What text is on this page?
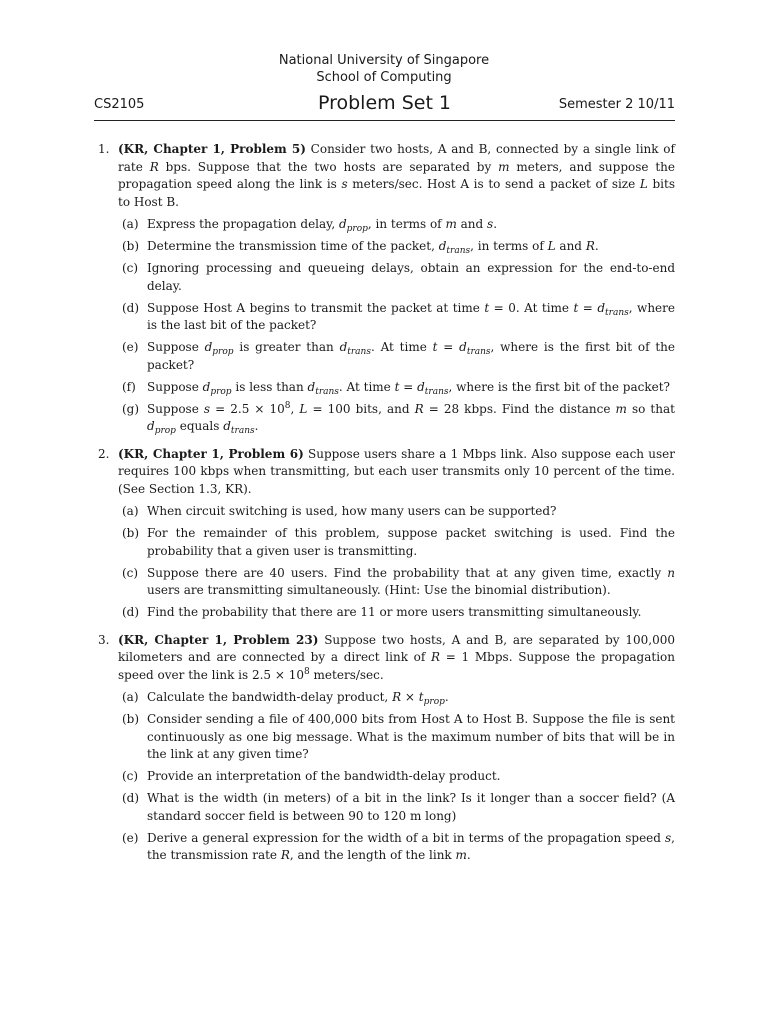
National University of Singapore
School of Computing
CS2105	Problem Set 1	Semester 2 10/11
1. (KR, Chapter 1, Problem 5) Consider two hosts, A and B, connected by a single link of rate R bps. Suppose that the two hosts are separated by m meters, and suppose the propagation speed along the link is s meters/sec. Host A is to send a packet of size L bits to Host B.
(a) Express the propagation delay, $d_{prop}$, in terms of m and s.
(b) Determine the transmission time of the packet, $d_{trans}$, in terms of L and R.
(c) Ignoring processing and queueing delays, obtain an expression for the end-to-end delay.
(d) Suppose Host A begins to transmit the packet at time t = 0. At time $t = d_{trans}$, where is the last bit of the packet?
(e) Suppose $d_{prop}$ is greater than $d_{trans}$. At time $t = d_{trans}$, where is the first bit of the packet?
(f) Suppose $d_{prop}$ is less than $d_{trans}$. At time $t = d_{trans}$, where is the first bit of the packet?
(g) Suppose $s = 2.5 \times 10^8$, L = 100 bits, and R = 28 kbps. Find the distance m so that $d_{prop}$ equals $d_{trans}$.
2. (KR, Chapter 1, Problem 6) Suppose users share a 1 Mbps link. Also suppose each user requires 100 kbps when transmitting, but each user transmits only 10 percent of the time. (See Section 1.3, KR).
(a) When circuit switching is used, how many users can be supported?
(b) For the remainder of this problem, suppose packet switching is used. Find the probability that a given user is transmitting.
(c) Suppose there are 40 users. Find the probability that at any given time, exactly n users are transmitting simultaneously. (Hint: Use the binomial distribution).
(d) Find the probability that there are 11 or more users transmitting simultaneously.
3. (KR, Chapter 1, Problem 23) Suppose two hosts, A and B, are separated by 100,000 kilometers and are connected by a direct link of R = 1 Mbps. Suppose the propagation speed over the link is $2.5 \times 10^8$ meters/sec.
(a) Calculate the bandwidth-delay product, $R \times t_{prop}$.
(b) Consider sending a file of 400,000 bits from Host A to Host B. Suppose the file is sent continuously as one big message. What is the maximum number of bits that will be in the link at any given time?
(c) Provide an interpretation of the bandwidth-delay product.
(d) What is the width (in meters) of a bit in the link? Is it longer than a soccer field? (A standard soccer field is between 90 to 120 m long)
(e) Derive a general expression for the width of a bit in terms of the propagation speed s, the transmission rate R, and the length of the link m.
